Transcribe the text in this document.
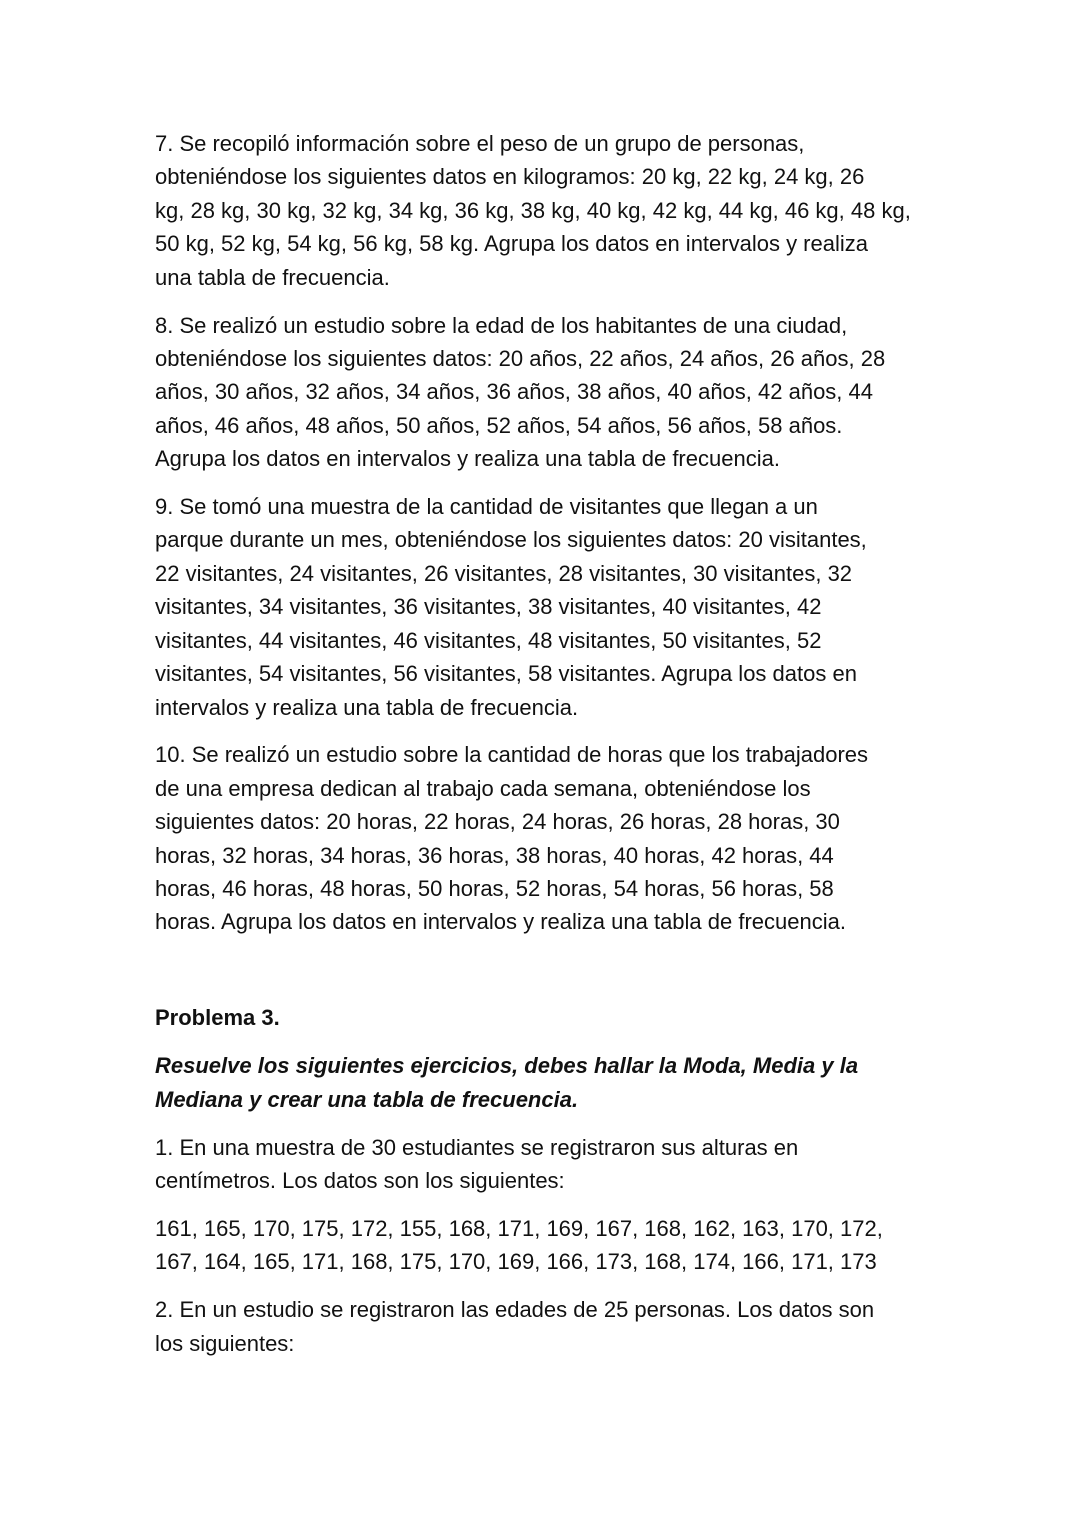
7. Se recopiló información sobre el peso de un grupo de personas,
obteniéndose los siguientes datos en kilogramos: 20 kg, 22 kg, 24 kg, 26
kg, 28 kg, 30 kg, 32 kg, 34 kg, 36 kg, 38 kg, 40 kg, 42 kg, 44 kg, 46 kg, 48 kg,
50 kg, 52 kg, 54 kg, 56 kg, 58 kg. Agrupa los datos en intervalos y realiza
una tabla de frecuencia.

8. Se realizó un estudio sobre la edad de los habitantes de una ciudad,
obteniéndose los siguientes datos: 20 años, 22 años, 24 años, 26 años, 28
años, 30 años, 32 años, 34 años, 36 años, 38 años, 40 años, 42 años, 44
años, 46 años, 48 años, 50 años, 52 años, 54 años, 56 años, 58 años.
Agrupa los datos en intervalos y realiza una tabla de frecuencia.

9. Se tomó una muestra de la cantidad de visitantes que llegan a un
parque durante un mes, obteniéndose los siguientes datos: 20 visitantes,
22 visitantes, 24 visitantes, 26 visitantes, 28 visitantes, 30 visitantes, 32
visitantes, 34 visitantes, 36 visitantes, 38 visitantes, 40 visitantes, 42
visitantes, 44 visitantes, 46 visitantes, 48 visitantes, 50 visitantes, 52
visitantes, 54 visitantes, 56 visitantes, 58 visitantes. Agrupa los datos en
intervalos y realiza una tabla de frecuencia.

10. Se realizó un estudio sobre la cantidad de horas que los trabajadores
de una empresa dedican al trabajo cada semana, obteniéndose los
siguientes datos: 20 horas, 22 horas, 24 horas, 26 horas, 28 horas, 30
horas, 32 horas, 34 horas, 36 horas, 38 horas, 40 horas, 42 horas, 44
horas, 46 horas, 48 horas, 50 horas, 52 horas, 54 horas, 56 horas, 58
horas. Agrupa los datos en intervalos y realiza una tabla de frecuencia.

Problema 3.

Resuelve los siguientes ejercicios, debes hallar la Moda, Media y la
Mediana y crear una tabla de frecuencia.

1. En una muestra de 30 estudiantes se registraron sus alturas en
centímetros. Los datos son los siguientes:

161, 165, 170, 175, 172, 155, 168, 171, 169, 167, 168, 162, 163, 170, 172,
167, 164, 165, 171, 168, 175, 170, 169, 166, 173, 168, 174, 166, 171, 173

2. En un estudio se registraron las edades de 25 personas. Los datos son
los siguientes:
